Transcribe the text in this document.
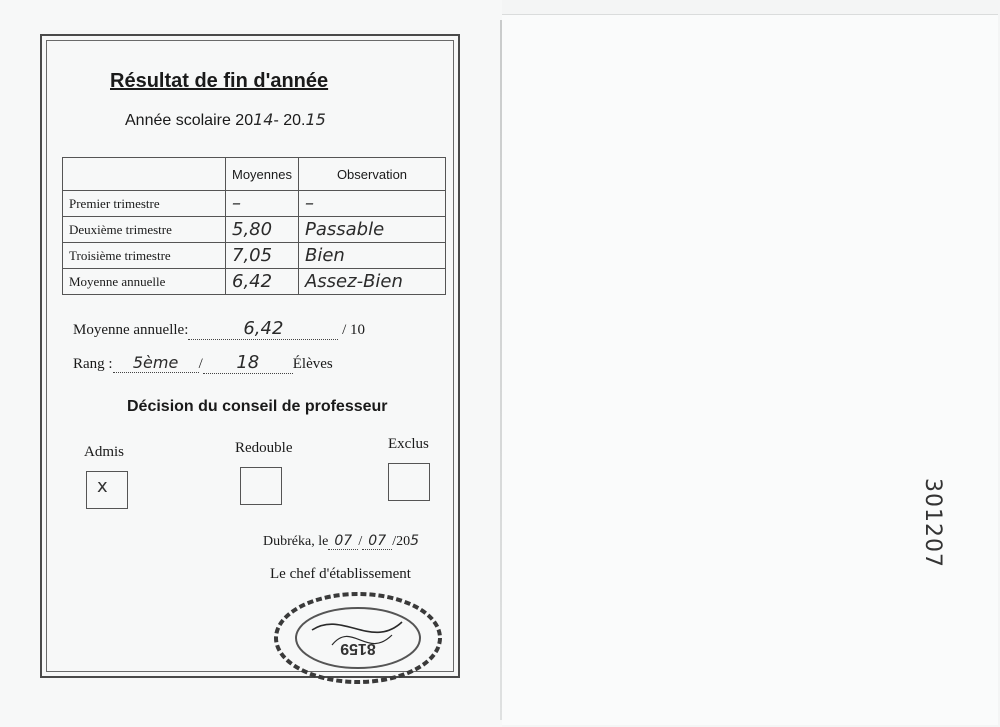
Résultat de fin d'année
Année scolaire 2014- 20.15
	Moyennes	Observation
Premier trimestre	–	–
Deuxième trimestre	5,80	Passable
Troisième trimestre	7,05	Bien
Moyenne annuelle	6,42	Assez-Bien
Moyenne annuelle:	6,42	/ 10
Rang : 5ème / 18 Élèves
Décision du conseil de professeur
Admis	Redouble	Exclus
x
Dubréka, le 07 / 07 /205
Le chef d'établissement
8159
301207
